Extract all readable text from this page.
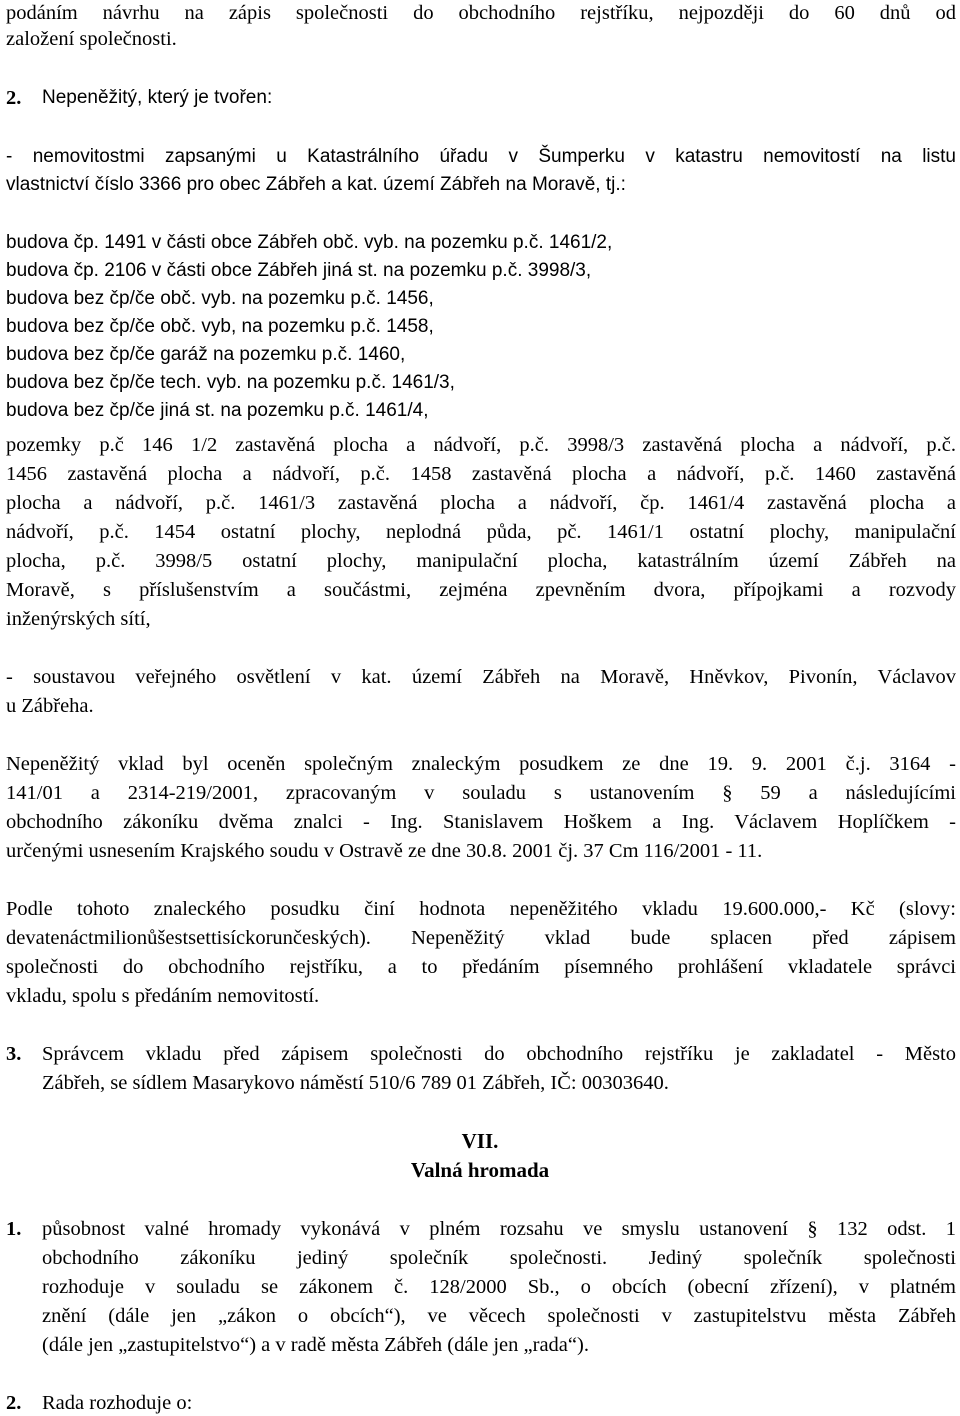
podáním návrhu na zápis společnosti do obchodního rejstříku, nejpozději do 60 dnů od
založení společnosti.
2. Nepeněžitý, který je tvořen:
- nemovitostmi zapsanými u Katastrálního úřadu v Šumperku v katastru nemovitostí na listu
vlastnictví číslo 3366 pro obec Zábřeh a kat. území Zábřeh na Moravě, tj.:
budova čp. 1491 v části obce Zábřeh obč. vyb. na pozemku p.č. 1461/2,
budova čp. 2106 v části obce Zábřeh jiná st. na pozemku p.č. 3998/3,
budova bez čp/če obč. vyb. na pozemku p.č. 1456,
budova bez čp/če obč. vyb, na pozemku p.č. 1458,
budova bez čp/če garáž na pozemku p.č. 1460,
budova bez čp/če tech. vyb. na pozemku p.č. 1461/3,
budova bez čp/če jiná st. na pozemku p.č. 1461/4,
pozemky p.č 146 1/2 zastavěná plocha a nádvoří, p.č. 3998/3 zastavěná plocha a nádvoří, p.č.
1456 zastavěná plocha a nádvoří, p.č. 1458 zastavěná plocha a nádvoří, p.č. 1460 zastavěná
plocha a nádvoří, p.č. 1461/3 zastavěná plocha a nádvoří, čp. 1461/4 zastavěná plocha a
nádvoří, p.č. 1454 ostatní plochy, neplodná půda, pč. 1461/1 ostatní plochy, manipulační
plocha, p.č. 3998/5 ostatní plochy, manipulační plocha, katastrálním území Zábřeh na
Moravě, s příslušenstvím a součástmi, zejména zpevněním dvora, přípojkami a rozvody
inženýrských sítí,
- soustavou veřejného osvětlení v kat. území Zábřeh na Moravě, Hněvkov, Pivonín, Václavov
u Zábřeha.
Nepeněžitý vklad byl oceněn společným znaleckým posudkem ze dne 19. 9. 2001 č.j. 3164 -
141/01 a 2314-219/2001, zpracovaným v souladu s ustanovením § 59 a následujícími
obchodního zákoníku dvěma znalci - Ing. Stanislavem Hoškem a Ing. Václavem Hoplíčkem -
určenými usnesením Krajského soudu v Ostravě ze dne 30.8. 2001 čj. 37 Cm 116/2001 - 11.
Podle tohoto znaleckého posudku činí hodnota nepeněžitého vkladu 19.600.000,- Kč (slovy:
devatenáctmilionůšestsettisíckorunčeských). Nepeněžitý vklad bude splacen před zápisem
společnosti do obchodního rejstříku, a to předáním písemného prohlášení vkladatele správci
vkladu, spolu s předáním nemovitostí.
3. Správcem vkladu před zápisem společnosti do obchodního rejstříku je zakladatel - Město
Zábřeh, se sídlem Masarykovo náměstí 510/6 789 01 Zábřeh, IČ: 00303640.
VII.
Valná hromada
1. působnost valné hromady vykonává v plném rozsahu ve smyslu ustanovení § 132 odst. 1
obchodního zákoníku jediný společník společnosti. Jediný společník společnosti
rozhoduje v souladu se zákonem č. 128/2000 Sb., o obcích (obecní zřízení), v platném
znění (dále jen „zákon o obcích“), ve věcech společnosti v zastupitelstvu města Zábřeh
(dále jen „zastupitelstvo“) a v radě města Zábřeh (dále jen „rada“).
2. Rada rozhoduje o:
